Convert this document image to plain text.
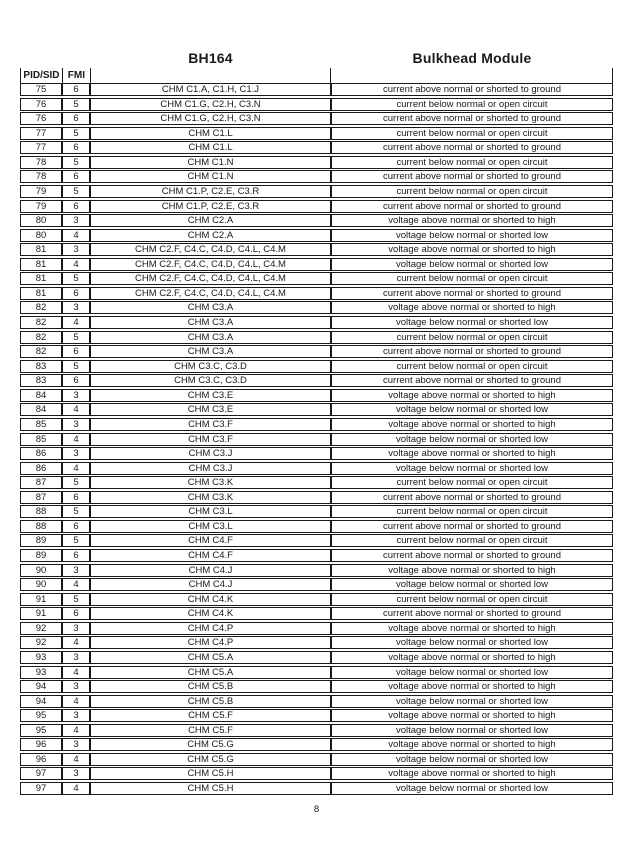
BH164	Bulkhead Module
PID/SID FMI
75	6	CHM C1.A, C1.H, C1.J	current above normal or shorted to ground
76	5	CHM C1.G, C2.H, C3.N	current below normal or open circuit
76	6	CHM C1.G, C2.H, C3.N	current above normal or shorted to ground
77	5	CHM C1.L	current below normal or open circuit
77	6	CHM C1.L	current above normal or shorted to ground
78	5	CHM C1.N	current below normal or open circuit
78	6	CHM C1.N	current above normal or shorted to ground
79	5	CHM C1.P, C2.E, C3.R	current below normal or open circuit
79	6	CHM C1.P, C2.E, C3.R	current above normal or shorted to ground
80	3	CHM C2.A	voltage above normal or shorted to high
80	4	CHM C2.A	voltage below normal or shorted low
81	3	CHM C2.F, C4.C, C4.D, C4.L, C4.M	voltage above normal or shorted to high
81	4	CHM C2.F, C4.C, C4.D, C4.L, C4.M	voltage below normal or shorted low
81	5	CHM C2.F, C4.C, C4.D, C4.L, C4.M	current below normal or open circuit
81	6	CHM C2.F, C4.C, C4.D, C4.L, C4.M	current above normal or shorted to ground
82	3	CHM C3.A	voltage above normal or shorted to high
82	4	CHM C3.A	voltage below normal or shorted low
82	5	CHM C3.A	current below normal or open circuit
82	6	CHM C3.A	current above normal or shorted to ground
83	5	CHM C3.C, C3.D	current below normal or open circuit
83	6	CHM C3.C, C3.D	current above normal or shorted to ground
84	3	CHM C3.E	voltage above normal or shorted to high
84	4	CHM C3.E	voltage below normal or shorted low
85	3	CHM C3.F	voltage above normal or shorted to high
85	4	CHM C3.F	voltage below normal or shorted low
86	3	CHM C3.J	voltage above normal or shorted to high
86	4	CHM C3.J	voltage below normal or shorted low
87	5	CHM C3.K	current below normal or open circuit
87	6	CHM C3.K	current above normal or shorted to ground
88	5	CHM C3.L	current below normal or open circuit
88	6	CHM C3.L	current above normal or shorted to ground
89	5	CHM C4.F	current below normal or open circuit
89	6	CHM C4.F	current above normal or shorted to ground
90	3	CHM C4.J	voltage above normal or shorted to high
90	4	CHM C4.J	voltage below normal or shorted low
91	5	CHM C4.K	current below normal or open circuit
91	6	CHM C4.K	current above normal or shorted to ground
92	3	CHM C4.P	voltage above normal or shorted to high
92	4	CHM C4.P	voltage below normal or shorted low
93	3	CHM C5.A	voltage above normal or shorted to high
93	4	CHM C5.A	voltage below normal or shorted low
94	3	CHM C5.B	voltage above normal or shorted to high
94	4	CHM C5.B	voltage below normal or shorted low
95	3	CHM C5.F	voltage above normal or shorted to high
95	4	CHM C5.F	voltage below normal or shorted low
96	3	CHM C5.G	voltage above normal or shorted to high
96	4	CHM C5.G	voltage below normal or shorted low
97	3	CHM C5.H	voltage above normal or shorted to high
97	4	CHM C5.H	voltage below normal or shorted low
8
